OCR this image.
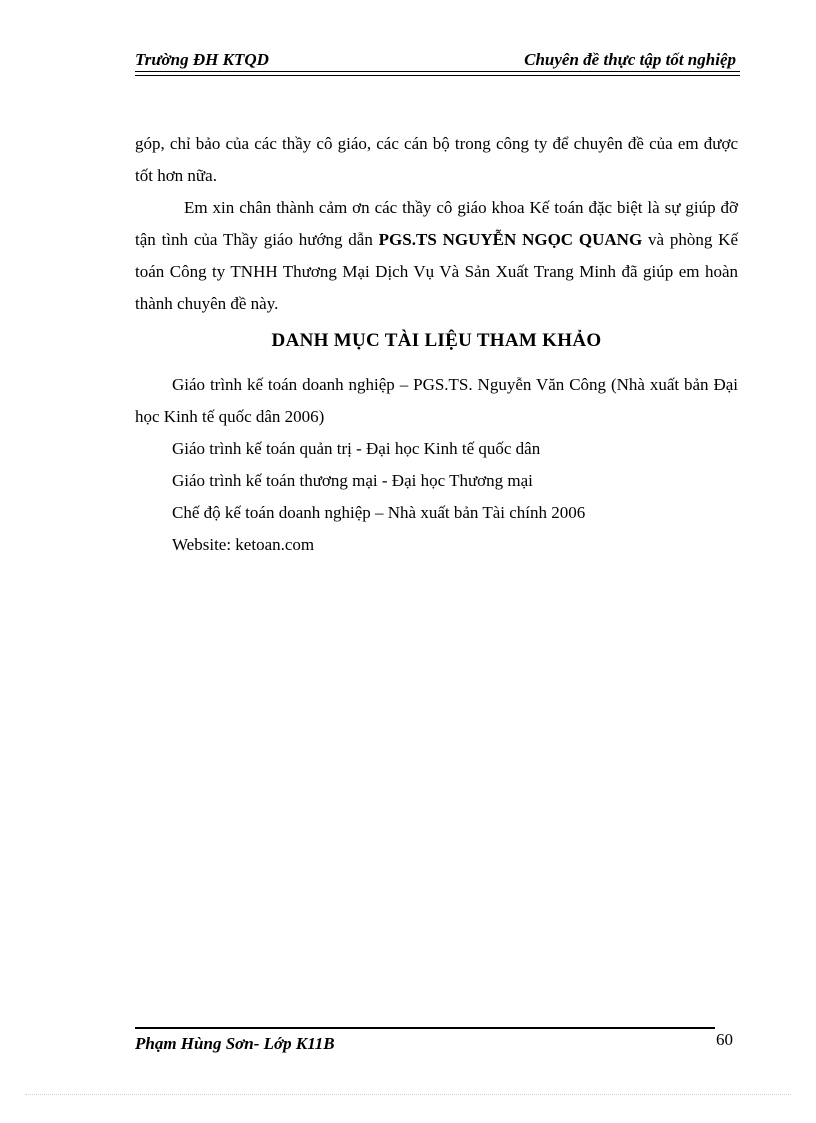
Trường ĐH KTQD	Chuyên đề thực tập tốt nghiệp

góp, chỉ bảo của các thầy cô giáo, các cán bộ trong công ty để chuyên đề của em được tốt hơn nữa.

Em xin chân thành cảm ơn các thầy cô giáo khoa Kế toán đặc biệt là sự giúp đỡ tận tình của Thầy giáo hướng dẫn PGS.TS NGUYỄN NGỌC QUANG và phòng Kế toán Công ty TNHH Thương Mại Dịch Vụ Và Sản Xuất Trang Minh đã giúp em hoàn thành chuyên đề này.

DANH MỤC TÀI LIỆU THAM KHẢO

Giáo trình kế toán doanh nghiệp – PGS.TS. Nguyễn Văn Công (Nhà xuất bản Đại học Kinh tế quốc dân 2006)

Giáo trình kế toán quản trị - Đại học Kinh tế quốc dân

Giáo trình kế toán thương mại - Đại học Thương mại

Chế độ kế toán doanh nghiệp – Nhà xuất bản Tài chính 2006

Website: ketoan.com

Phạm Hùng Sơn- Lớp K11B	60
